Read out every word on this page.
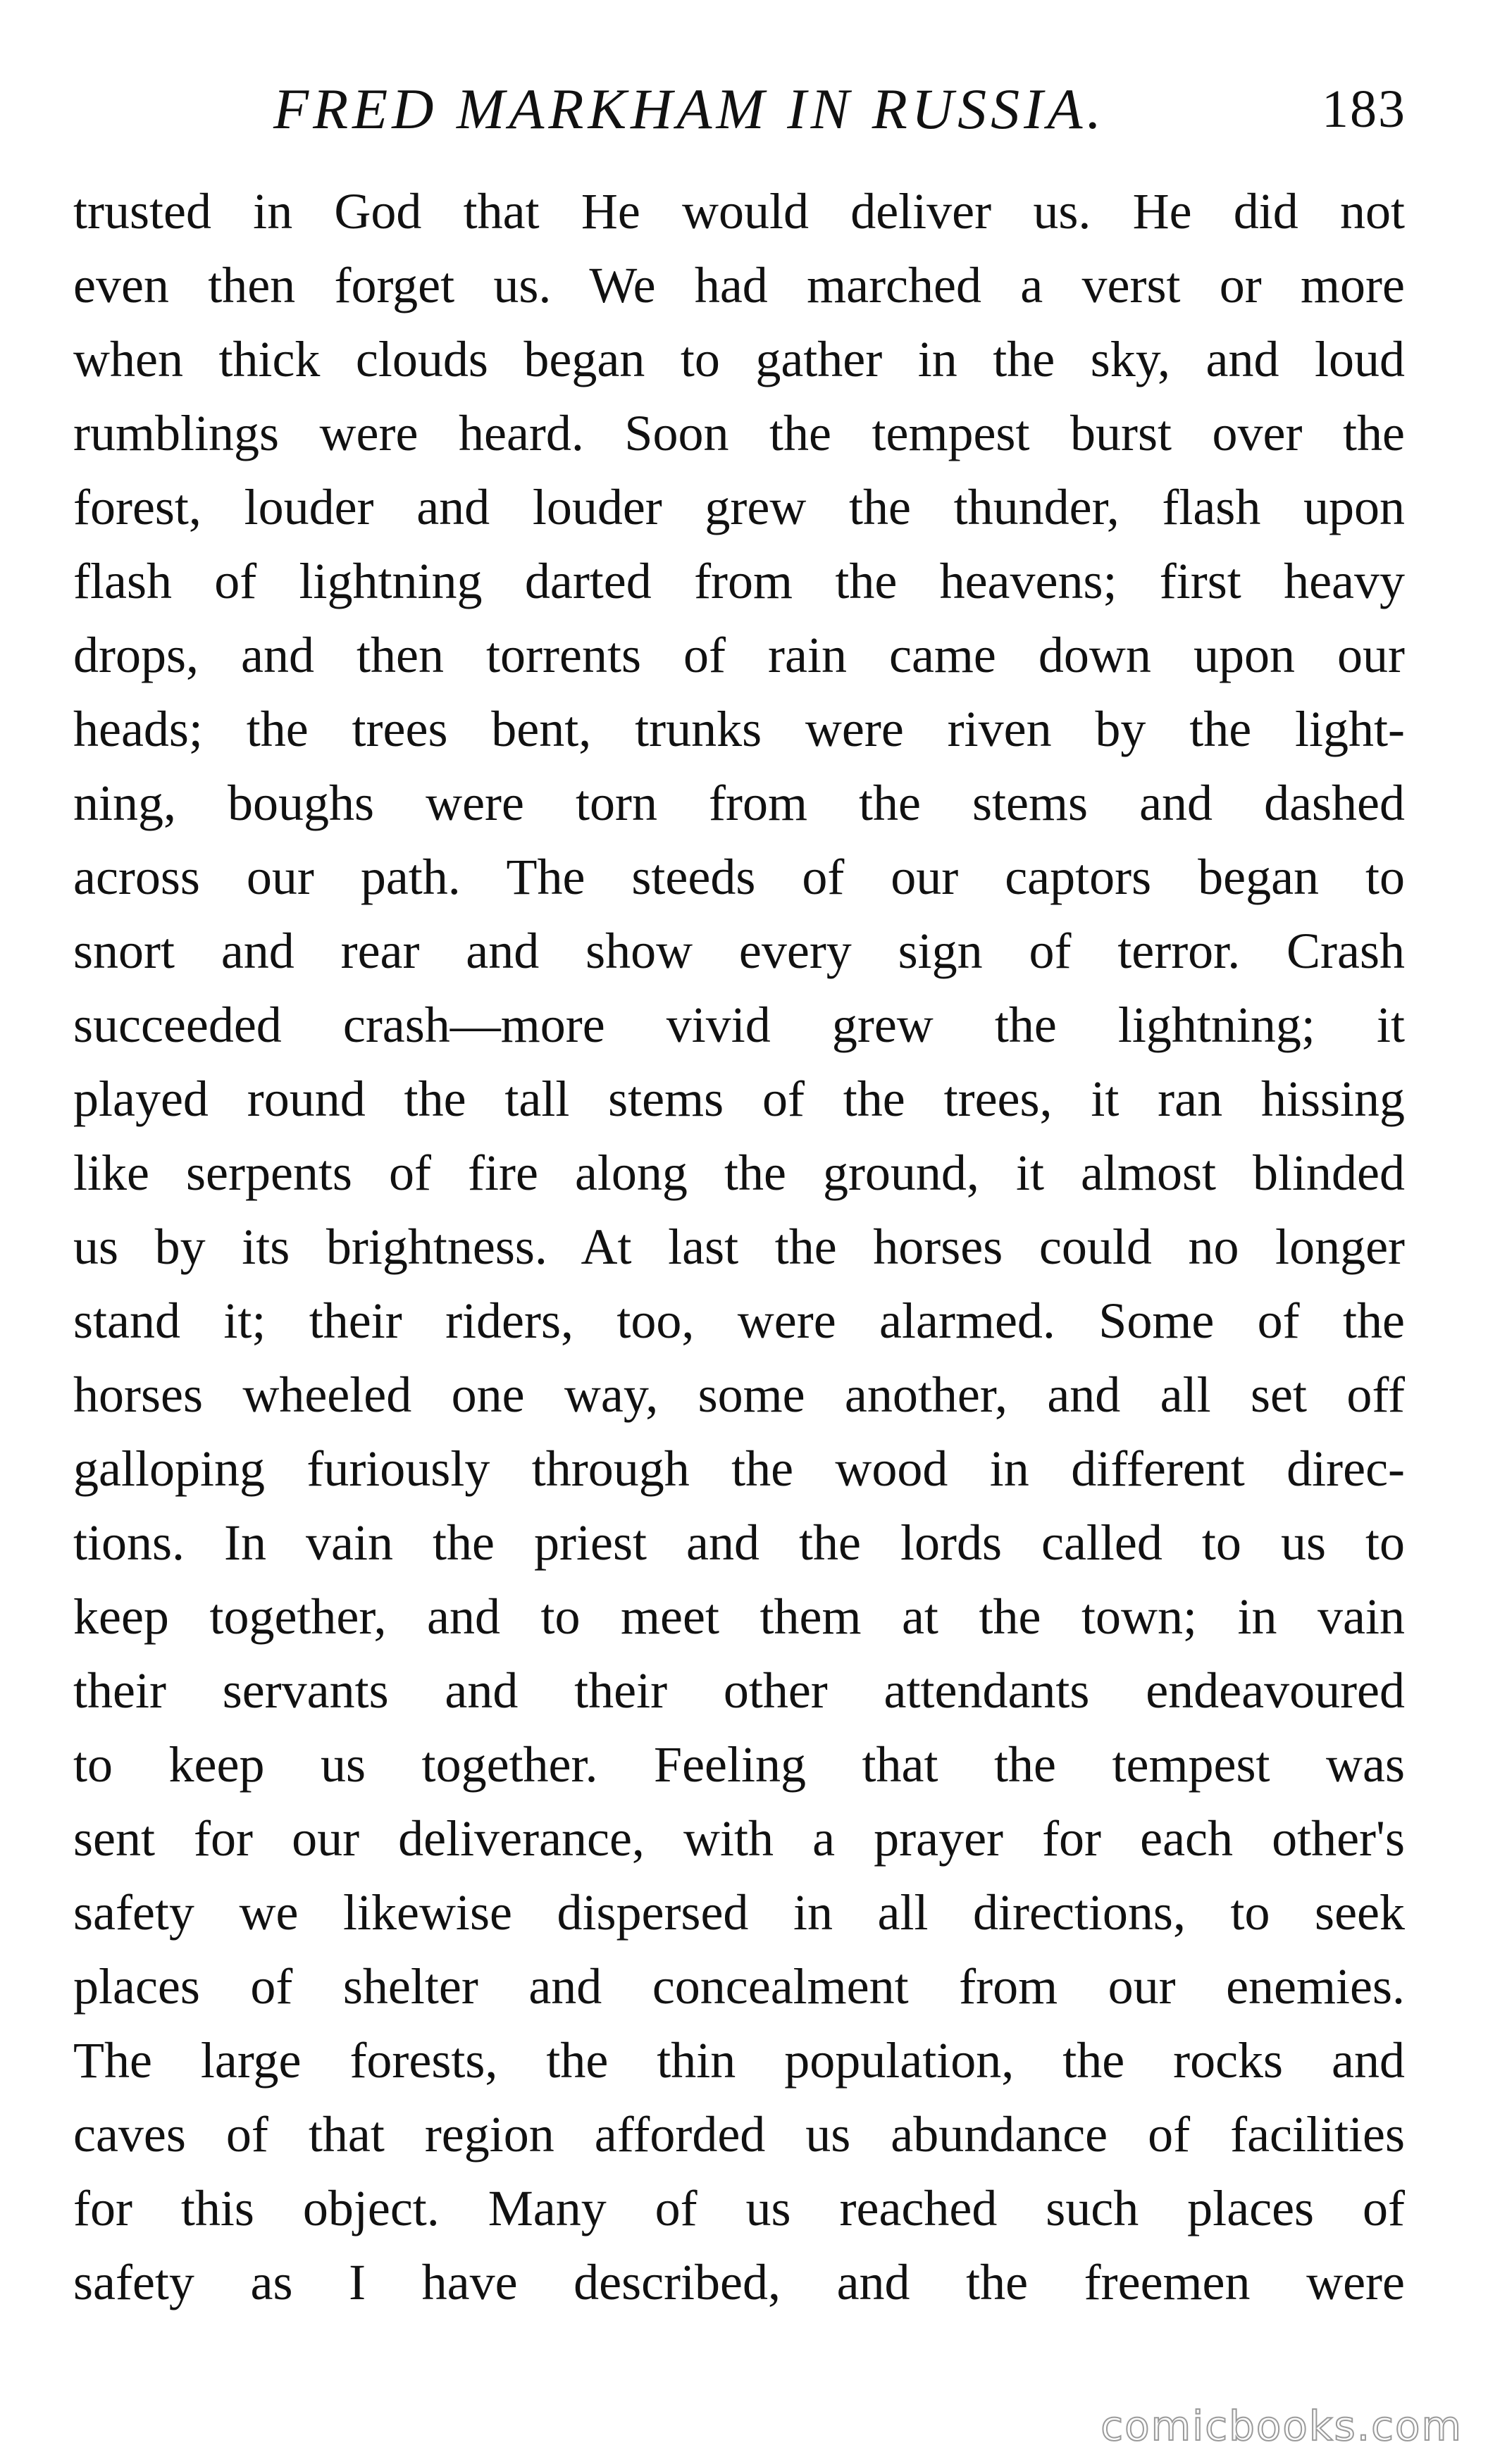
FRED MARKHAM IN RUSSIA.	183
trusted in God that He would deliver us. He did not
even then forget us. We had marched a verst or more
when thick clouds began to gather in the sky, and loud
rumblings were heard. Soon the tempest burst over the
forest, louder and louder grew the thunder, flash upon
flash of lightning darted from the heavens; first heavy
drops, and then torrents of rain came down upon our
heads; the trees bent, trunks were riven by the light-
ning, boughs were torn from the stems and dashed
across our path. The steeds of our captors began to
snort and rear and show every sign of terror. Crash
succeeded crash—more vivid grew the lightning; it
played round the tall stems of the trees, it ran hissing
like serpents of fire along the ground, it almost blinded
us by its brightness. At last the horses could no longer
stand it; their riders, too, were alarmed. Some of the
horses wheeled one way, some another, and all set off
galloping furiously through the wood in different direc-
tions. In vain the priest and the lords called to us to
keep together, and to meet them at the town; in vain
their servants and their other attendants endeavoured
to keep us together. Feeling that the tempest was
sent for our deliverance, with a prayer for each other's
safety we likewise dispersed in all directions, to seek
places of shelter and concealment from our enemies.
The large forests, the thin population, the rocks and
caves of that region afforded us abundance of facilities
for this object. Many of us reached such places of
safety as I have described, and the freemen were
comicbooks.com
